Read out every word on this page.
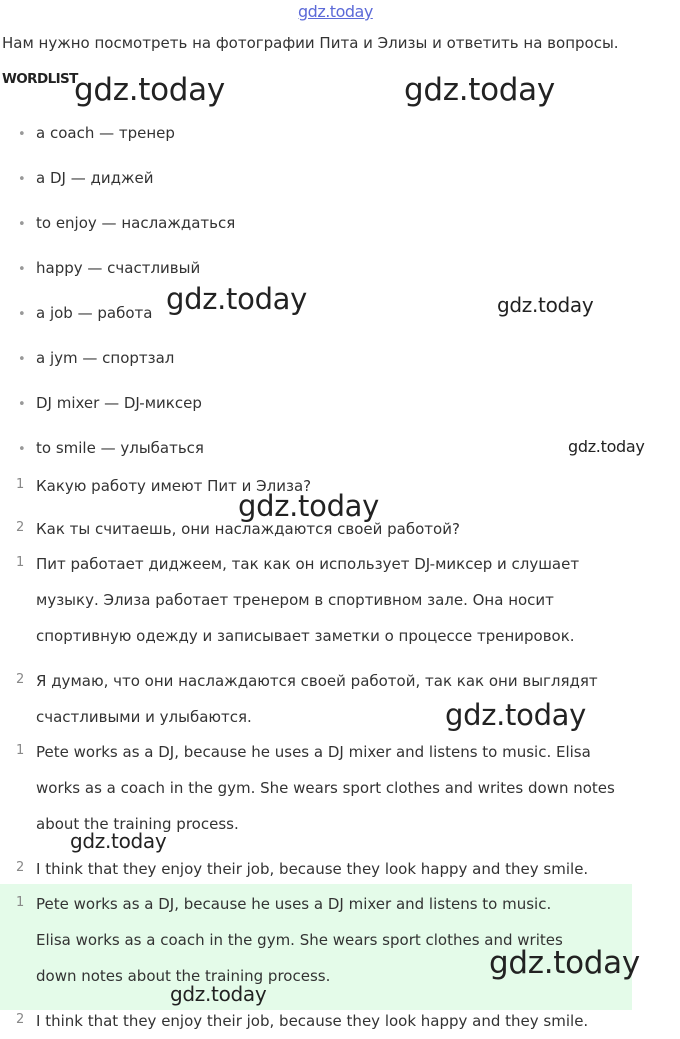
gdz.today
Нам нужно посмотреть на фотографии Пита и Элизы и ответить на вопросы.
WORDLIST
• a coach — тренер
• a DJ — диджей
• to enjoy — наслаждаться
• happy — счастливый
• a job — работа
• a jym — спортзал
• DJ mixer — DJ-миксер
• to smile — улыбаться
1 Какую работу имеют Пит и Элиза?
2 Как ты считаешь, они наслаждаются своей работой?
1 Пит работает диджеем, так как он использует DJ-миксер и слушает
музыку. Элиза работает тренером в спортивном зале. Она носит
спортивную одежду и записывает заметки о процессе тренировок.
2 Я думаю, что они наслаждаются своей работой, так как они выглядят
счастливыми и улыбаются.
1 Pete works as a DJ, because he uses a DJ mixer and listens to music. Elisa
works as a coach in the gym. She wears sport clothes and writes down notes
about the training process.
2 I think that they enjoy their job, because they look happy and they smile.
1 Pete works as a DJ, because he uses a DJ mixer and listens to music.
Elisa works as a coach in the gym. She wears sport clothes and writes
down notes about the training process.
2 I think that they enjoy their job, because they look happy and they smile.
gdz.today	gdz.today
gdz.today	gdz.today
gdz.today
gdz.today
gdz.today
gdz.today
gdz.today
gdz.today
